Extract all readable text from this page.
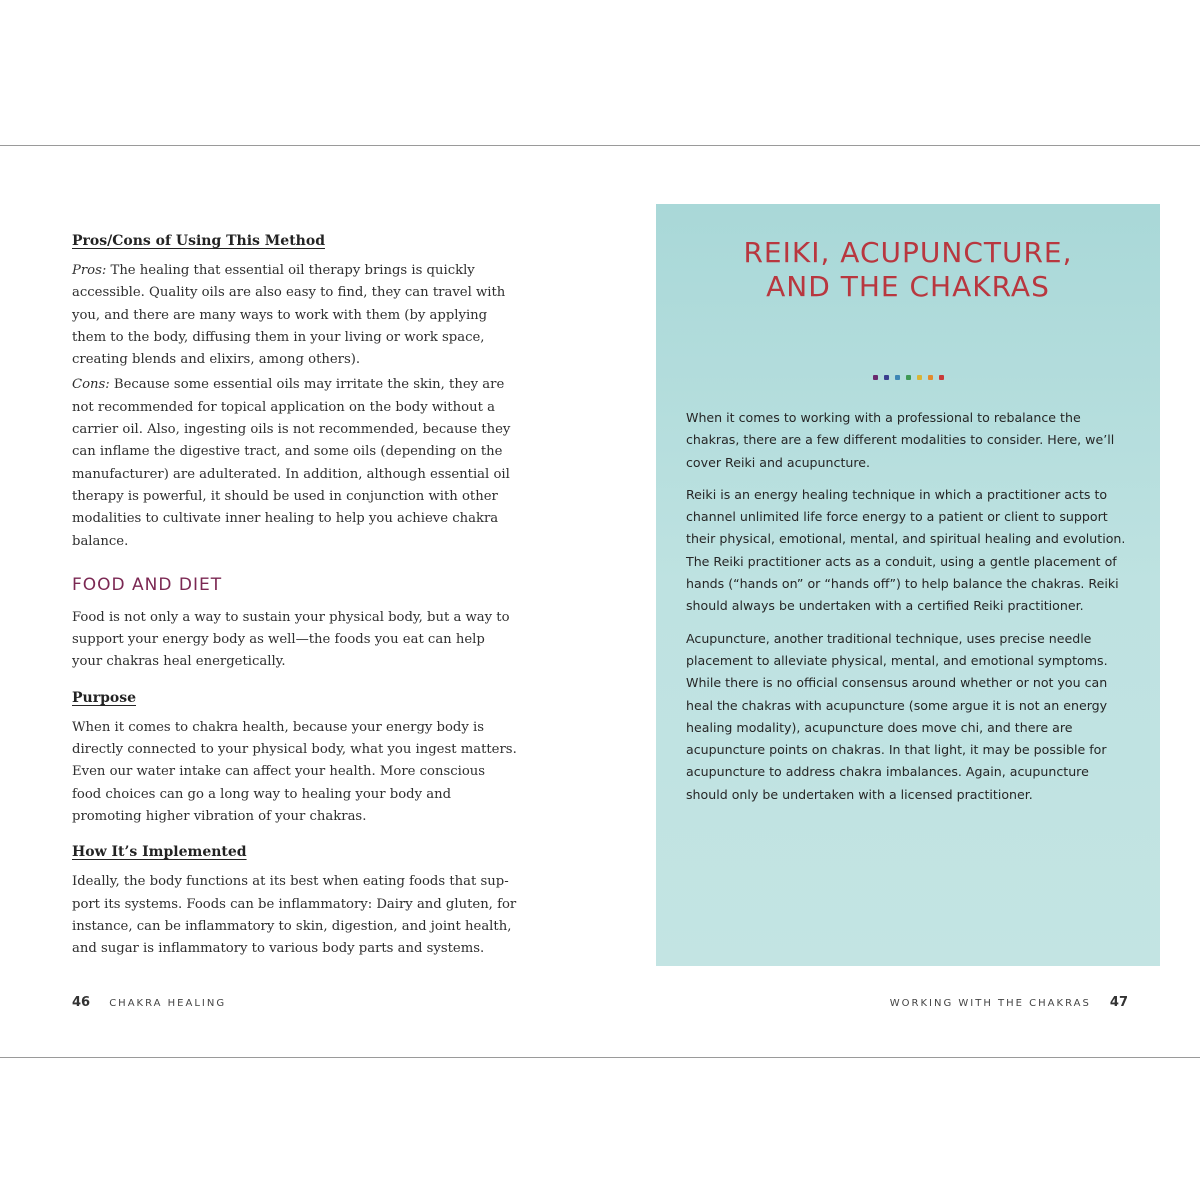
Pros/Cons of Using This Method

Pros: The healing that essential oil therapy brings is quickly accessible. Quality oils are also easy to find, they can travel with you, and there are many ways to work with them (by applying them to the body, diffusing them in your living or work space, creating blends and elixirs, among others).

Cons: Because some essential oils may irritate the skin, they are not recommended for topical application on the body without a carrier oil. Also, ingesting oils is not recommended, because they can inflame the digestive tract, and some oils (depending on the manufacturer) are adulterated. In addition, although essential oil therapy is powerful, it should be used in conjunction with other modalities to cultivate inner healing to help you achieve chakra balance.

FOOD AND DIET

Food is not only a way to sustain your physical body, but a way to support your energy body as well—the foods you eat can help your chakras heal energetically.

Purpose

When it comes to chakra health, because your energy body is directly connected to your physical body, what you ingest matters. Even our water intake can affect your health. More conscious food choices can go a long way to healing your body and promoting higher vibration of your chakras.

How It’s Implemented

Ideally, the body functions at its best when eating foods that support its systems. Foods can be inflammatory: Dairy and gluten, for instance, can be inflammatory to skin, digestion, and joint health, and sugar is inflammatory to various body parts and systems.

REIKI, ACUPUNCTURE,
AND THE CHAKRAS

When it comes to working with a professional to rebalance the chakras, there are a few different modalities to consider. Here, we’ll cover Reiki and acupuncture.

Reiki is an energy healing technique in which a practitioner acts to channel unlimited life force energy to a patient or client to support their physical, emotional, mental, and spiritual healing and evolution. The Reiki practitioner acts as a conduit, using a gentle placement of hands (“hands on” or “hands off”) to help balance the chakras. Reiki should always be undertaken with a certified Reiki practitioner.

Acupuncture, another traditional technique, uses precise needle placement to alleviate physical, mental, and emotional symptoms. While there is no official consensus around whether or not you can heal the chakras with acupuncture (some argue it is not an energy healing modality), acupuncture does move chi, and there are acupuncture points on chakras. In that light, it may be possible for acupuncture to address chakra imbalances. Again, acupuncture should only be undertaken with a licensed practitioner.

46 CHAKRA HEALING	WORKING WITH THE CHAKRAS 47
